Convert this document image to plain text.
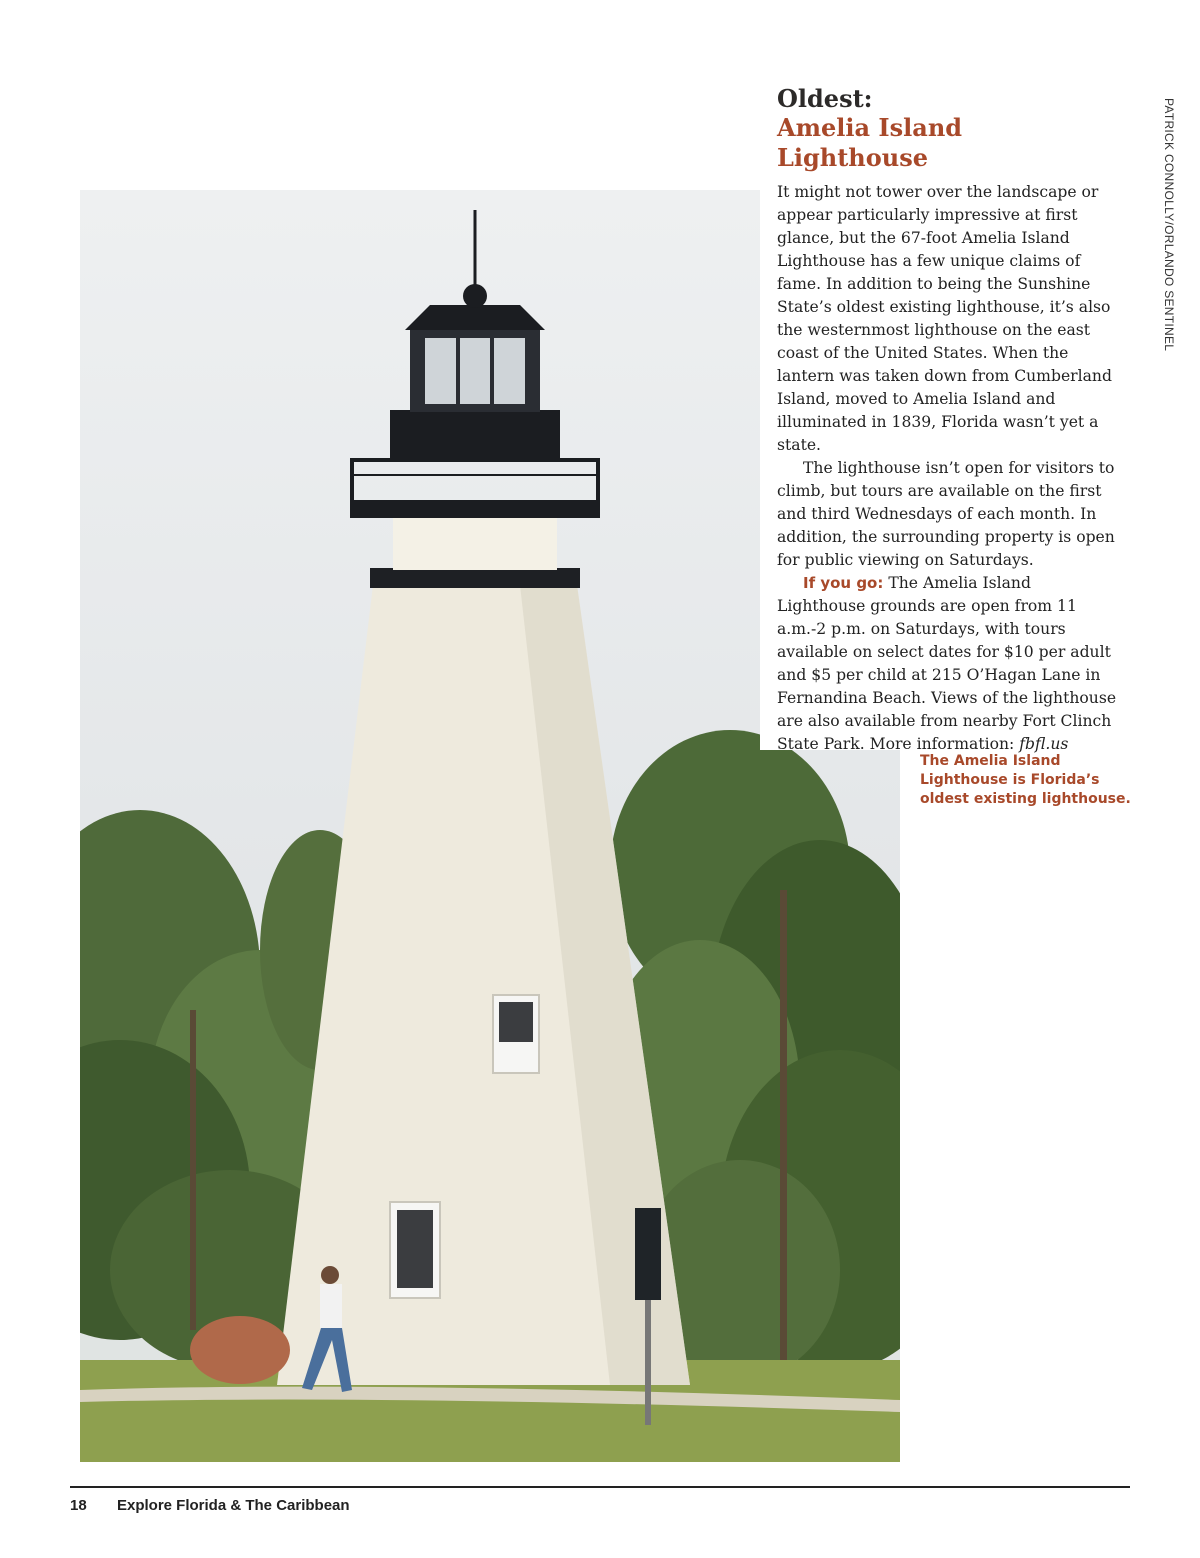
Oldest:
Amelia Island Lighthouse

It might not tower over the landscape or appear particularly impressive at first glance, but the 67-foot Amelia Island Lighthouse has a few unique claims of fame. In addition to being the Sunshine State’s oldest existing lighthouse, it’s also the westernmost lighthouse on the east coast of the United States. When the lantern was taken down from Cumberland Island, moved to Amelia Island and illuminated in 1839, Florida wasn’t yet a state.

The lighthouse isn’t open for visitors to climb, but tours are available on the first and third Wednesdays of each month. In addition, the surrounding property is open for public viewing on Saturdays.

If you go: The Amelia Island Lighthouse grounds are open from 11 a.m.-2 p.m. on Saturdays, with tours available on select dates for $10 per adult and $5 per child at 215 O’Hagan Lane in Fernandina Beach. Views of the lighthouse are also available from nearby Fort Clinch State Park. More information: fbfl.us

The Amelia Island Lighthouse is Florida’s oldest existing lighthouse.

PATRICK CONNOLLY/ORLANDO SENTINEL
18 Explore Florida & The Caribbean
